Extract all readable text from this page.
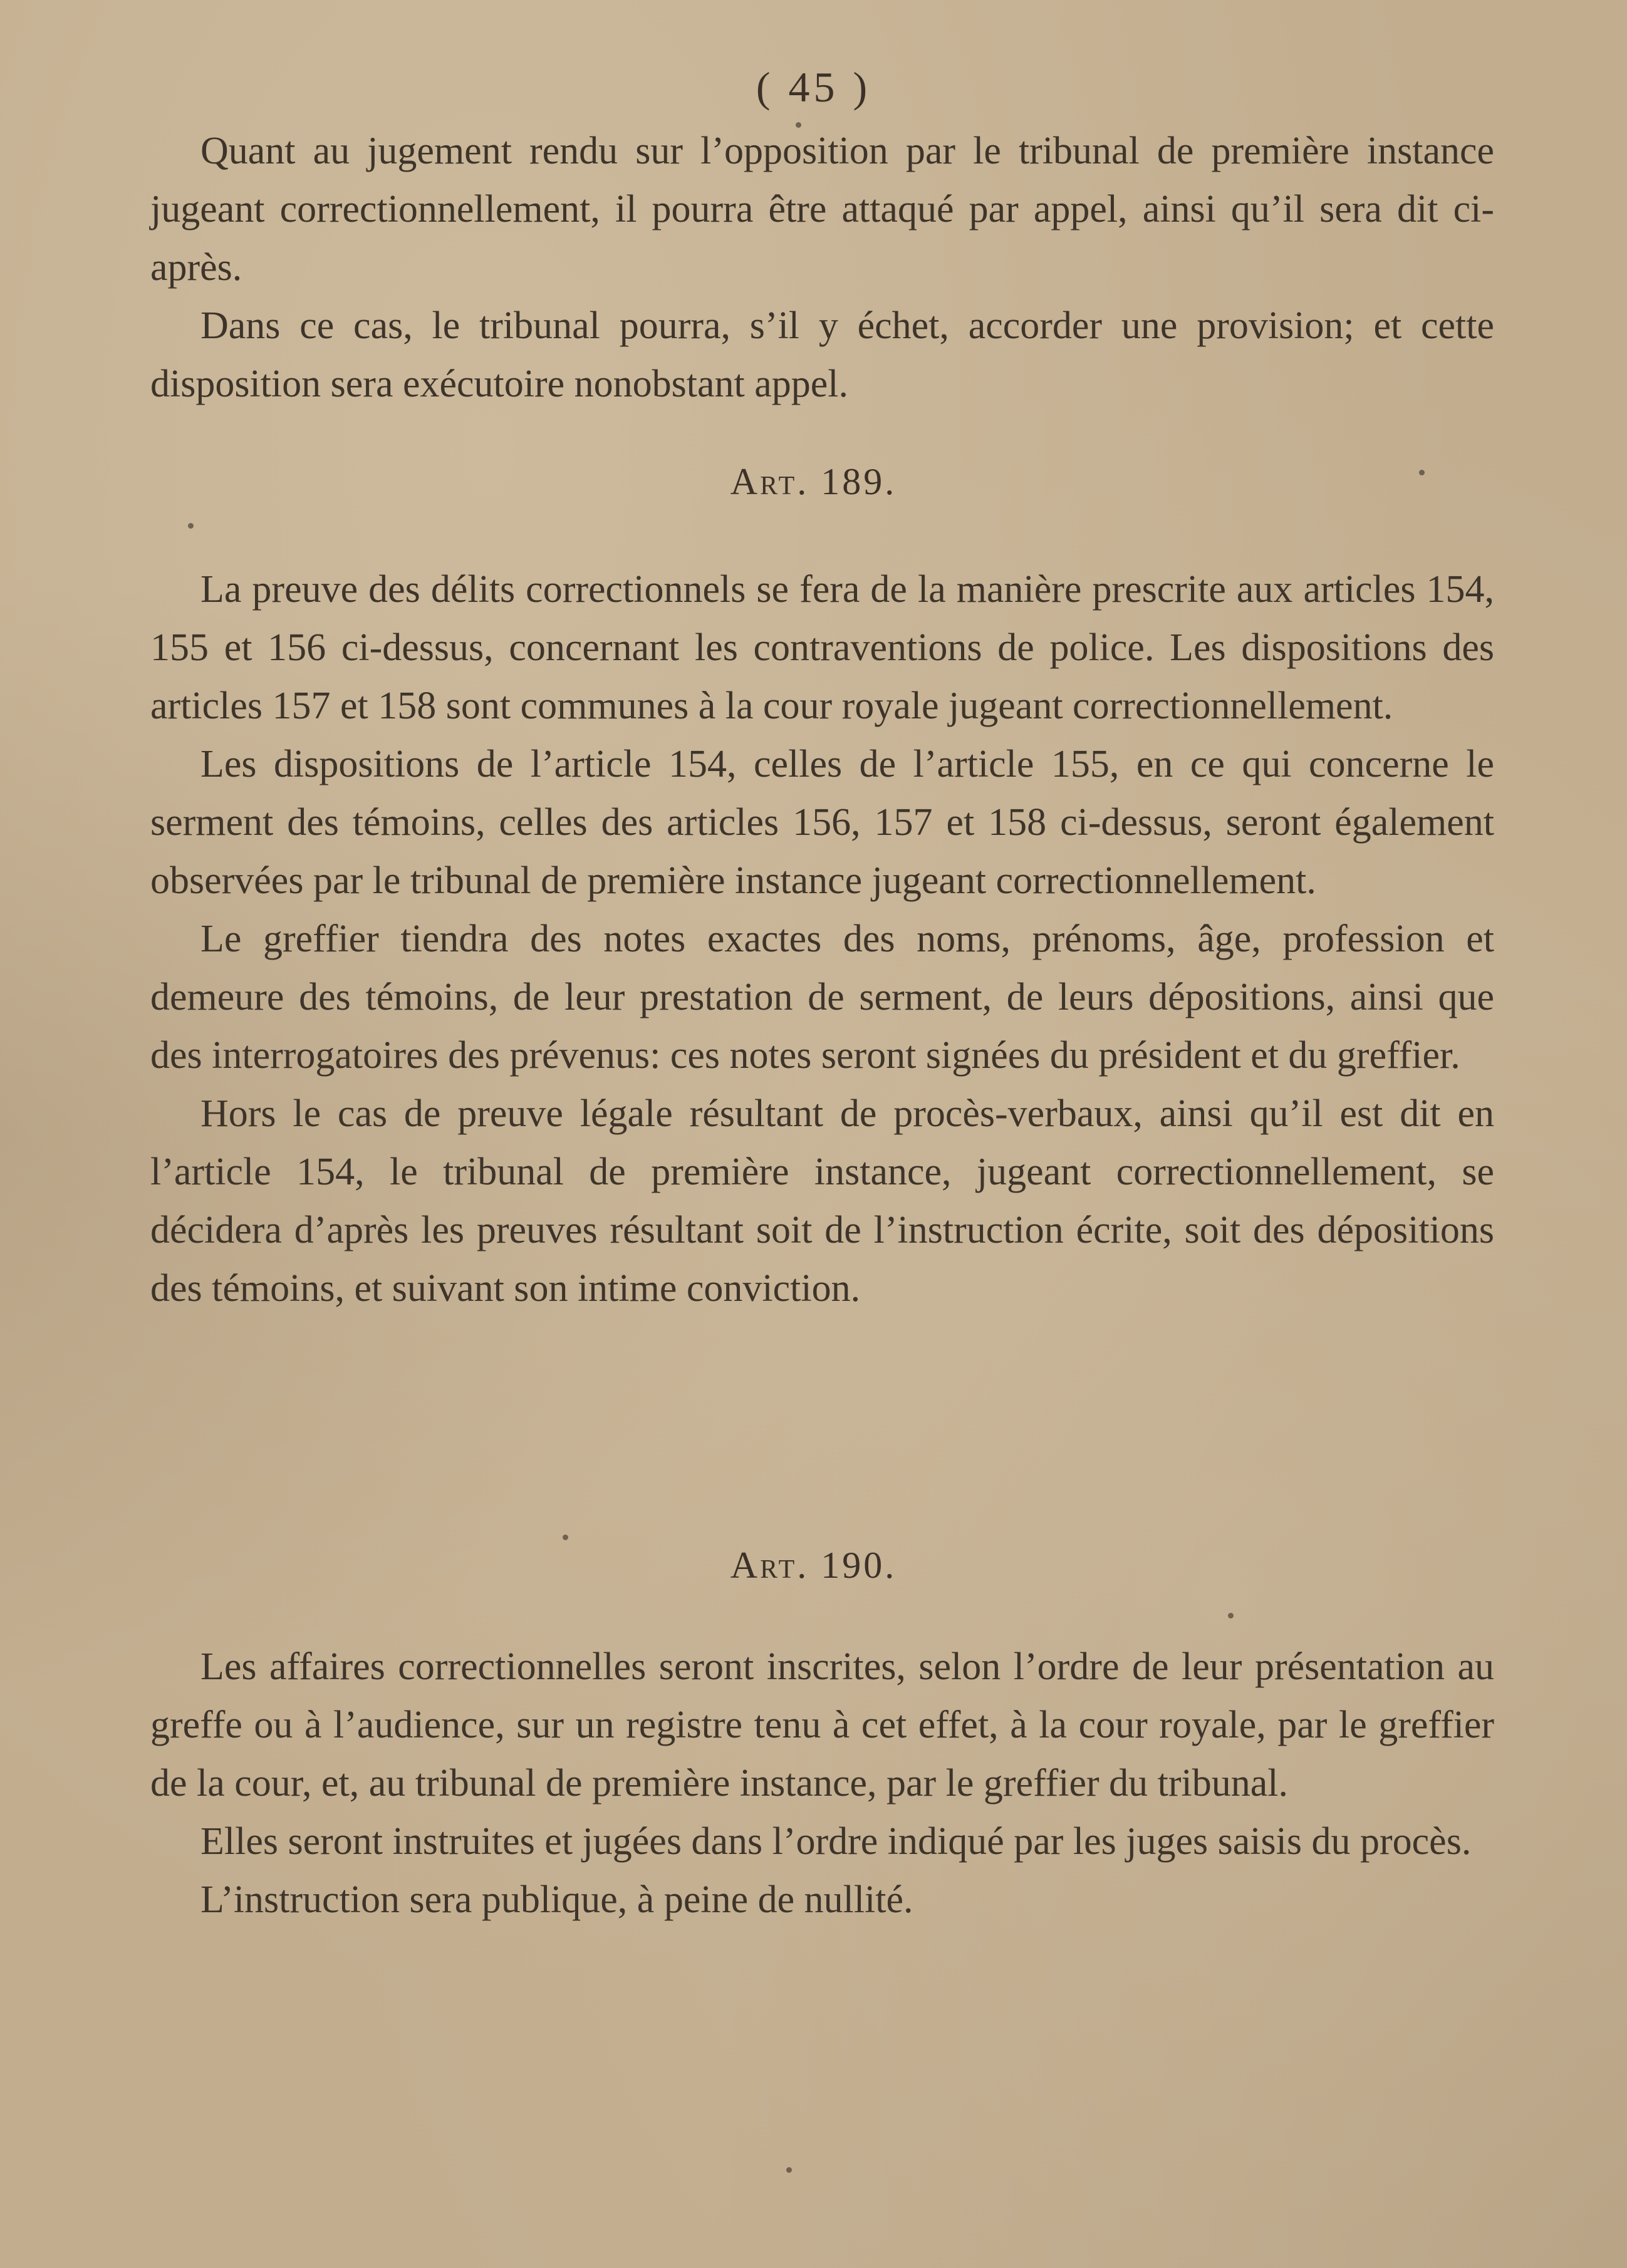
( 45 )

Quant au jugement rendu sur l’opposition par le tribunal de première instance jugeant correctionnellement, il pourra être attaqué par appel, ainsi qu’il sera dit ci-après.

Dans ce cas, le tribunal pourra, s’il y échet, accorder une provision; et cette disposition sera exécutoire nonobstant appel.

Art. 189.

La preuve des délits correctionnels se fera de la manière prescrite aux articles 154, 155 et 156 ci-dessus, concernant les contraventions de police. Les dispositions des articles 157 et 158 sont communes à la cour royale jugeant correctionnellement.

Les dispositions de l’article 154, celles de l’article 155, en ce qui concerne le serment des témoins, celles des articles 156, 157 et 158 ci-dessus, seront également observées par le tribunal de première instance jugeant correctionnellement.

Le greffier tiendra des notes exactes des noms, prénoms, âge, profession et demeure des témoins, de leur prestation de serment, de leurs dépositions, ainsi que des interrogatoires des prévenus: ces notes seront signées du président et du greffier.

Hors le cas de preuve légale résultant de procès-verbaux, ainsi qu’il est dit en l’article 154, le tribunal de première instance, jugeant correctionnellement, se décidera d’après les preuves résultant soit de l’instruction écrite, soit des dépositions des témoins, et suivant son intime conviction.

Art. 190.

Les affaires correctionnelles seront inscrites, selon l’ordre de leur présentation au greffe ou à l’audience, sur un registre tenu à cet effet, à la cour royale, par le greffier de la cour, et, au tribunal de première instance, par le greffier du tribunal.

Elles seront instruites et jugées dans l’ordre indiqué par les juges saisis du procès.

L’instruction sera publique, à peine de nullité.
